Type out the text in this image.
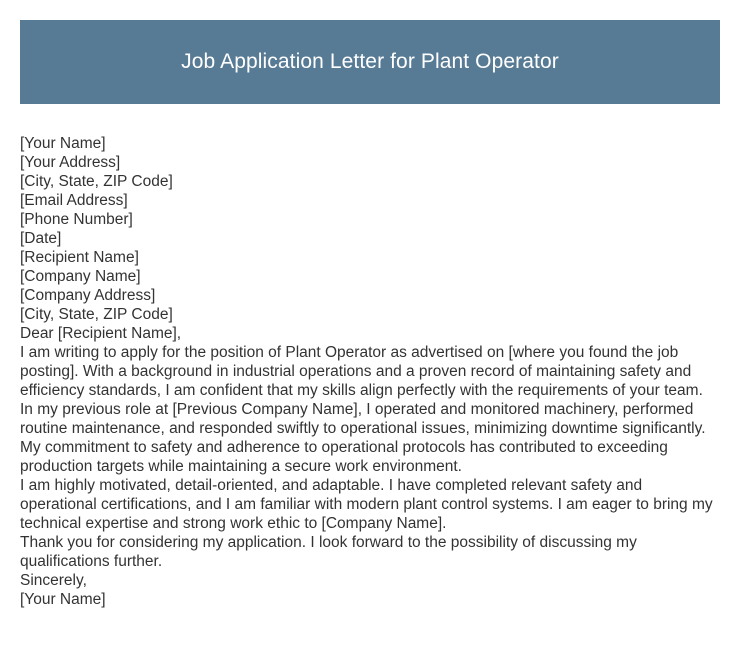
Job Application Letter for Plant Operator
[Your Name]
[Your Address]
[City, State, ZIP Code]
[Email Address]
[Phone Number]
[Date]
[Recipient Name]
[Company Name]
[Company Address]
[City, State, ZIP Code]
Dear [Recipient Name],

I am writing to apply for the position of Plant Operator as advertised on [where you found the job posting]. With a background in industrial operations and a proven record of maintaining safety and efficiency standards, I am confident that my skills align perfectly with the requirements of your team.

In my previous role at [Previous Company Name], I operated and monitored machinery, performed routine maintenance, and responded swiftly to operational issues, minimizing downtime significantly. My commitment to safety and adherence to operational protocols has contributed to exceeding production targets while maintaining a secure work environment.

I am highly motivated, detail-oriented, and adaptable. I have completed relevant safety and operational certifications, and I am familiar with modern plant control systems. I am eager to bring my technical expertise and strong work ethic to [Company Name].

Thank you for considering my application. I look forward to the possibility of discussing my qualifications further.

Sincerely,
[Your Name]
